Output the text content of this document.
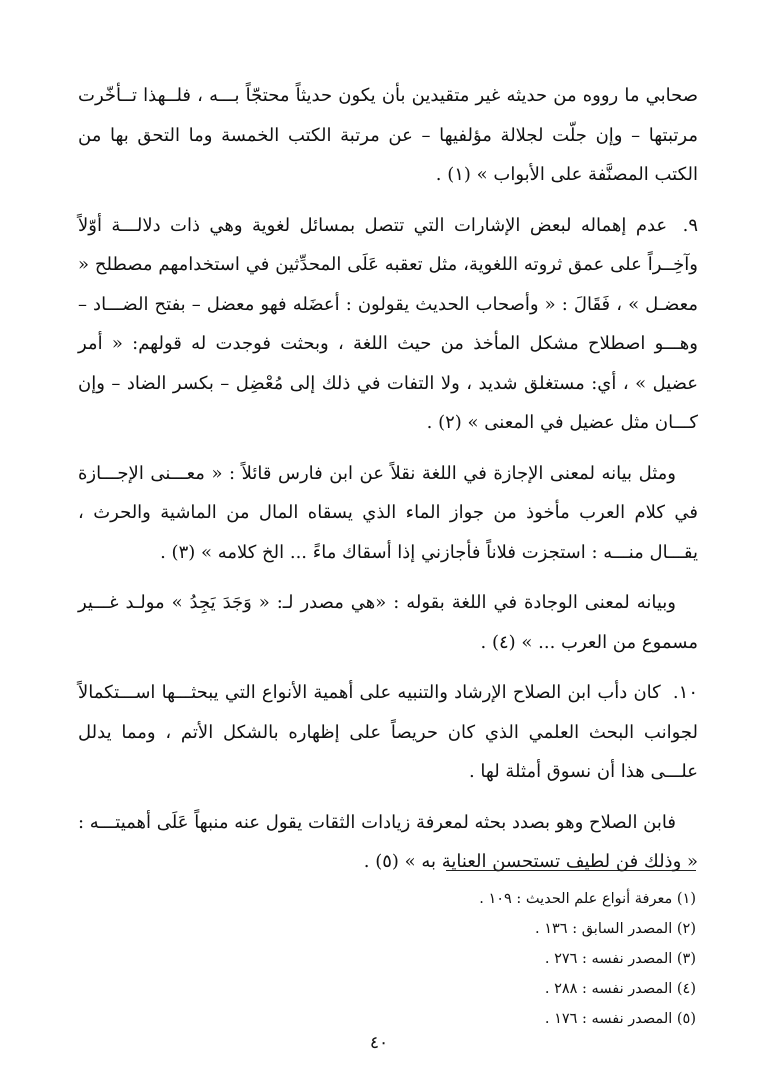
صحابي ما رووه من حديثه غير متقيدين بأن يكون حديثاً محتجّاً بـــه ، فلــهذا تــأخّرت مرتبتها – وإن جلّت لجلالة مؤلفيها – عن مرتبة الكتب الخمسة وما التحق بها من الكتب المصنَّفة على الأبواب » (١) .

٩. عدم إهماله لبعض الإشارات التي تتصل بمسائل لغوية وهي ذات دلالـــة أوّلاً وآخِــراً على عمق ثروته اللغوية، مثل تعقبه عَلَى المحدِّثين في استخدامهم مصطلح « معضـل » ، فَقَالَ : « وأصحاب الحديث يقولون : أعضَله فهو معضل – بفتح الضـــاد – وهـــو اصطلاح مشكل المأخذ من حيث اللغة ، وبحثت فوجدت له قولهم: « أمر عضيل » ، أي: مستغلق شديد ، ولا التفات في ذلك إلى مُعْضِل – بكسر الضاد – وإن كـــان مثل عضيل في المعنى » (٢) .

ومثل بيانه لمعنى الإجازة في اللغة نقلاً عن ابن فارس قائلاً : « معـــنى الإجـــازة في كلام العرب مأخوذ من جواز الماء الذي يسقاه المال من الماشية والحرث ، يقـــال منـــه : استجزت فلاناً فأجازني إذا أسقاك ماءً ... الخ كلامه » (٣) .

وبيانه لمعنى الوجادة في اللغة بقوله : «هي مصدر لـ: « وَجَدَ يَجِدُ » مولـد غـــير مسموع من العرب ... » (٤) .

١٠. كان دأب ابن الصلاح الإرشاد والتنبيه على أهمية الأنواع التي يبحثـــها اســـتكمالاً لجوانب البحث العلمي الذي كان حريصاً على إظهاره بالشكل الأتم ، ومما يدلل علـــى هذا أن نسوق أمثلة لها .

فابن الصلاح وهو بصدد بحثه لمعرفة زيادات الثقات يقول عنه منبهاً عَلَى أهميتـــه : « وذلك فن لطيف تستحسن العناية به » (٥) .

(١) معرفة أنواع علم الحديث : ١٠٩ .
(٢) المصدر السابق : ١٣٦ .
(٣) المصدر نفسه : ٢٧٦ .
(٤) المصدر نفسه : ٢٨٨ .
(٥) المصدر نفسه : ١٧٦ .
٤٠
